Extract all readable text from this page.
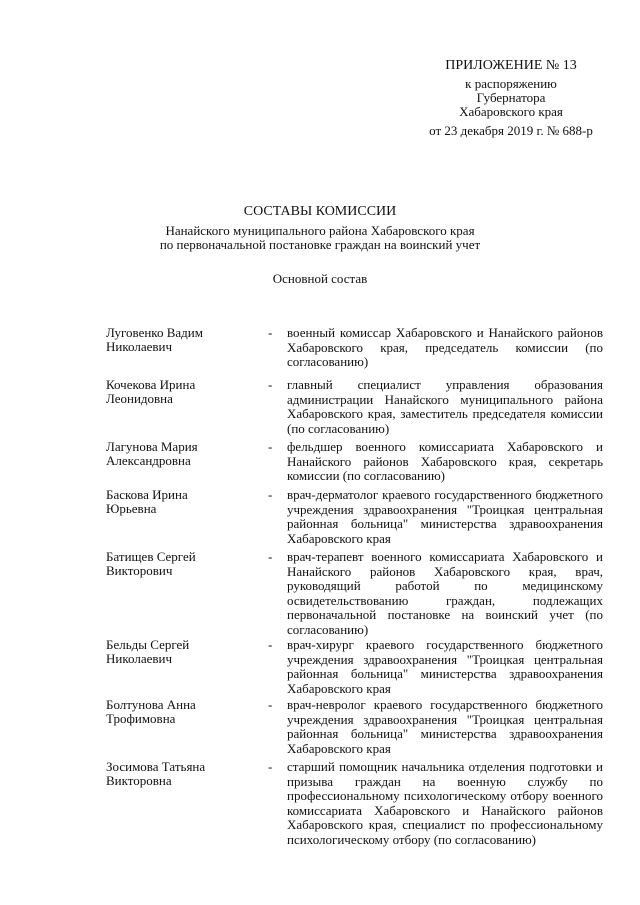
ПРИЛОЖЕНИЕ № 13
к распоряжению
Губернатора
Хабаровского края
от 23 декабря 2019 г. № 688-р
СОСТАВЫ КОМИССИИ
Нанайского муниципального района Хабаровского края
по первоначальной постановке граждан на воинский учет
Основной состав
Луговенко Вадим
Николаевич
-	военный комиссар Хабаровского и Нанайского районов Хабаровского края, председатель комиссии (по согласованию)
Кочекова Ирина
Леонидовна
-	главный специалист управления образования администрации Нанайского муниципального района Хабаровского края, заместитель председателя комиссии (по согласованию)
Лагунова Мария
Александровна
-	фельдшер военного комиссариата Хабаровского и Нанайского районов Хабаровского края, секретарь комиссии (по согласованию)
Баскова Ирина
Юрьевна
-	врач-дерматолог краевого государственного бюджетного учреждения здравоохранения "Троицкая центральная районная больница" министерства здравоохранения Хабаровского края
Батищев Сергей
Викторович
-	врач-терапевт военного комиссариата Хабаровского и Нанайского районов Хабаровского края, врач, руководящий работой по медицинскому освидетельствованию граждан, подлежащих первоначальной постановке на воинский учет (по согласованию)
Бельды Сергей
Николаевич
-	врач-хирург краевого государственного бюджетного учреждения здравоохранения "Троицкая центральная районная больница" министерства здравоохранения Хабаровского края
Болтунова Анна
Трофимовна
-	врач-невролог краевого государственного бюджетного учреждения здравоохранения "Троицкая центральная районная больница" министерства здравоохранения Хабаровского края
Зосимова Татьяна
Викторовна
-	старший помощник начальника отделения подготовки и призыва граждан на военную службу по профессиональному психологическому отбору военного комиссариата Хабаровского и Нанайского районов Хабаровского края, специалист по профессиональному психологическому отбору (по согласованию)
